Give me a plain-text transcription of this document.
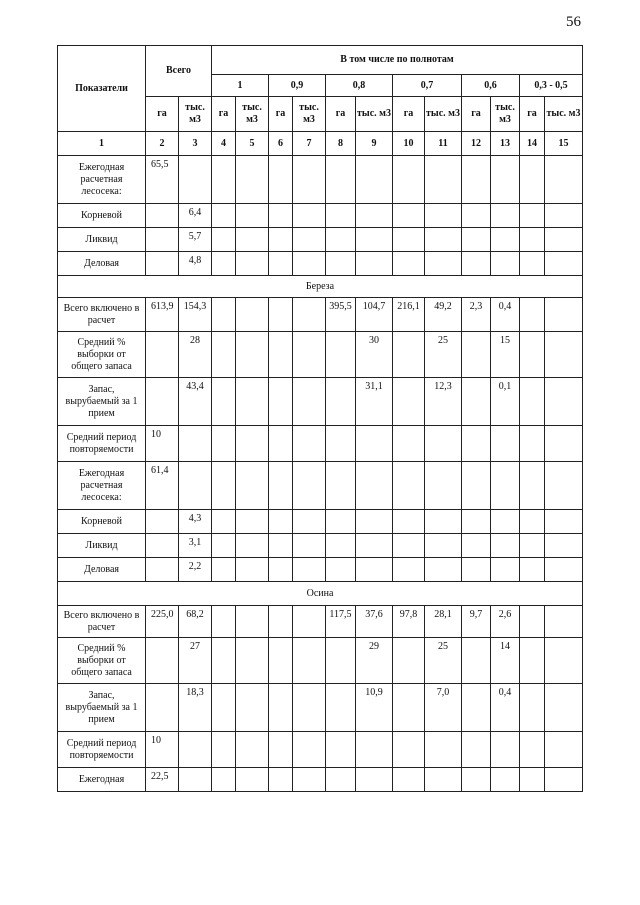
56
Показатели	Всего		В том числе по полнотам											
			1		0,9		0,8		0,7		0,6		0,3 - 0,5	
	га	тыс. м3	га	тыс. м3	га	тыс. м3	га	тыс. м3	га	тыс. м3	га	тыс. м3	га	тыс. м3
1	2	3	4	5	6	7	8	9	10	11	12	13	14	15
Ежегодная расчетная лесосека:	65,5													
Корневой		6,4												
Ликвид		5,7												
Деловая		4,8												
Береза														
Всего включено в расчет	613,9	154,3					395,5	104,7	216,1	49,2	2,3	0,4		
Средний % выборки от общего запаса		28						30		25		15		
Запас, вырубаемый за 1 прием		43,4						31,1		12,3		0,1		
Средний период повторяемости	10													
Ежегодная расчетная лесосека:	61,4													
Корневой		4,3												
Ликвид		3,1												
Деловая		2,2												
Осина														
Всего включено в расчет	225,0	68,2					117,5	37,6	97,8	28,1	9,7	2,6		
Средний % выборки от общего запаса		27						29		25		14		
Запас, вырубаемый за 1 прием		18,3						10,9		7,0		0,4		
Средний период повторяемости	10													
Ежегодная	22,5													
